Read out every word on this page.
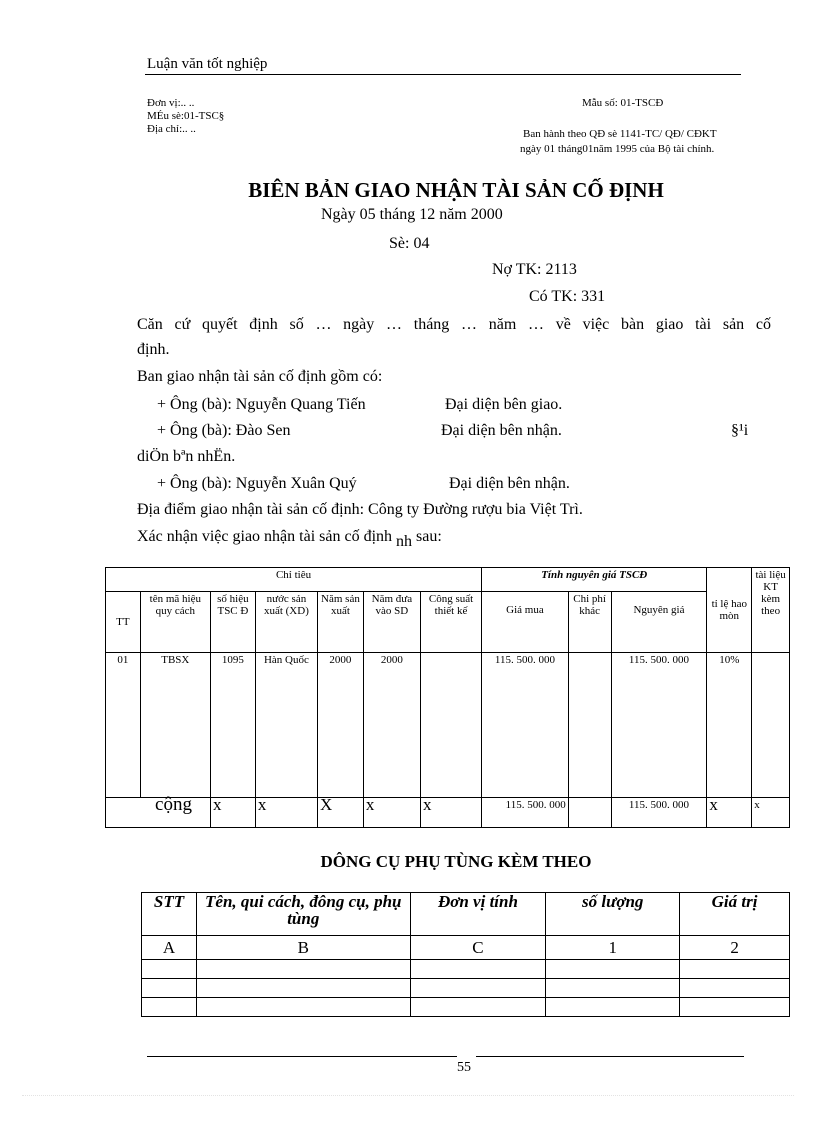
Luận văn tốt nghiệp
Đơn vị:.. ..
MÉu sè:01-TSC§
Địa chỉ:.. ..
Mẫu số: 01-TSCĐ
Ban hành theo QĐ sè 1141-TC/ QĐ/ CĐKT
ngày 01 tháng01năm 1995 của Bộ tài chính.
BIÊN BẢN GIAO NHẬN TÀI SẢN CỐ ĐỊNH
Ngày 05 tháng 12 năm 2000
Sè: 04
Nợ TK: 2113
Có TK: 331
Căn cứ quyết định số … ngày … tháng … năm … về việc bàn giao tài sản cố
định.
Ban giao nhận tài sản cố định gồm có:
+ Ông (bà): Nguyễn Quang Tiến	Đại diện bên giao.
+ Ông (bà): Đào Sen	Đại diện bên nhận.	§¹i
diÖn bªn nhËn.
+ Ông (bà): Nguyễn Xuân Quý	Đại diện bên nhận.
Địa điểm giao nhận tài sản cố định: Công ty Đường rượu bia Việt Trì.
Xác nhận việc giao nhận tài sản cố định nh sau:
Chỉ tiêu							Tính nguyên giá TSCĐ			tỉ lệ hao mòn	tài liệu KT kèm theo
TT	tên mã hiệu quy cách	số hiệu TSC Đ	nước sản xuất (XD)	Năm sản xuất	Năm đưa vào SD	Công suất thiết kế	Giá mua	Chi phí khác	Nguyên giá		
01	TBSX	1095	Hàn Quốc	2000	2000		115. 500. 000		115. 500. 000	10%	
cộng		x	x	X	x	x	115. 500. 000		115. 500. 000	x	x
DÔNG CỤ PHỤ TÙNG KÈM THEO
STT	Tên, qui cách, đông cụ, phụ tùng	Đơn vị tính	số lượng	Giá trị
A	B	C	1	2

55
